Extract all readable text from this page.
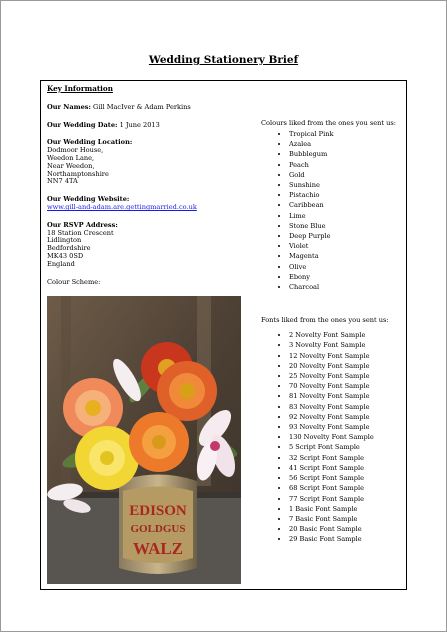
Wedding Stationery Brief
Key Information
Our Names: Gill MacIver & Adam Perkins
Our Wedding Date: 1 June 2013
Our Wedding Location:
Dodmoor House,
Weedon Lane,
Near Weedon,
Northamptonshire
NN7 4TA
Our Wedding Website:
www.gill-and-adam.are.gettingmarried.co.uk
Our RSVP Address:
18 Station Crescent
Lidlington
Bedfordshire
MK43 0SD
England
Colour Scheme:
EDISON
GOLDGUS
WALZ
Colours liked from the ones you sent us:
• Tropical Pink
• Azalea
• Bubblegum
• Peach
• Gold
• Sunshine
• Pistachio
• Caribbean
• Lime
• Stone Blue
• Deep Purple
• Violet
• Magenta
• Olive
• Ebony
• Charcoal
Fonts liked from the ones you sent us:
• 2 Novelty Font Sample
• 3 Novelty Font Sample
• 12 Novelty Font Sample
• 20 Novelty Font Sample
• 25 Novelty Font Sample
• 70 Novelty Font Sample
• 81 Novelty Font Sample
• 83 Novelty Font Sample
• 92 Novelty Font Sample
• 93 Novelty Font Sample
• 130 Novelty Font Sample
• 5 Script Font Sample
• 32 Script Font Sample
• 41 Script Font Sample
• 56 Script Font Sample
• 68 Script Font Sample
• 77 Script Font Sample
• 1 Basic Font Sample
• 7 Basic Font Sample
• 20 Basic Font Sample
• 29 Basic Font Sample
